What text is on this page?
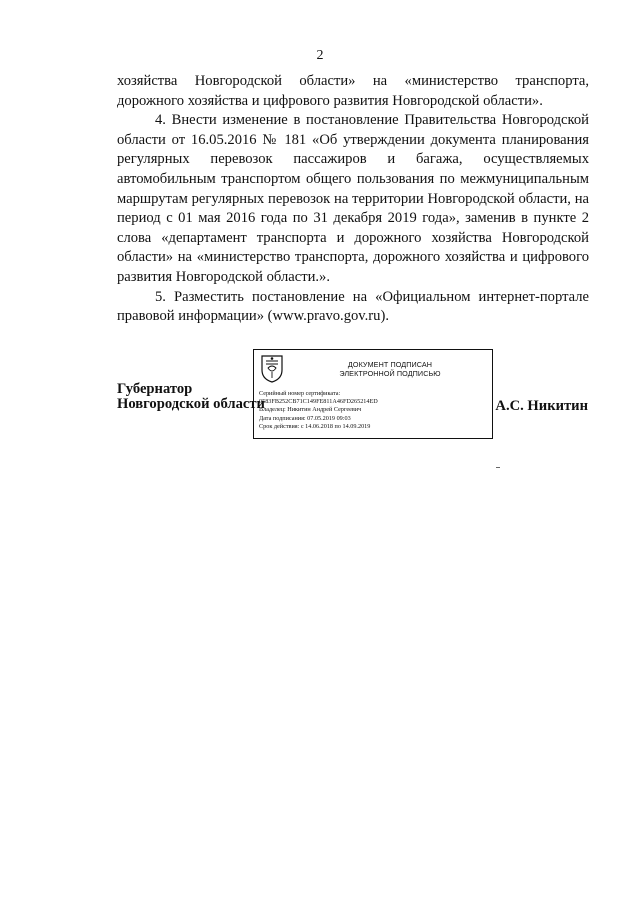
2

хозяйства Новгородской области» на «министерство транспорта, дорожного хозяйства и цифрового развития Новгородской области».

4. Внести изменение в постановление Правительства Новгородской области от 16.05.2016 № 181 «Об утверждении документа планирования регулярных перевозок пассажиров и багажа, осуществляемых автомобильным транспортом общего пользования по межмуниципальным маршрутам регулярных перевозок на территории Новгородской области, на период с 01 мая 2016 года по 31 декабря 2019 года», заменив в пункте 2 слова «департамент транспорта и дорожного хозяйства Новгородской области» на «министерство транспорта, дорожного хозяйства и цифрового развития Новгородской области.».

5. Разместить постановление на «Официальном интернет-портале правовой информации» (www.pravo.gov.ru).

Губернатор
Новгородской области
ДОКУМЕНТ ПОДПИСАН
ЭЛЕКТРОННОЙ ПОДПИСЬЮ
Серийный номер сертификата:
0583FB252CB71C149FE811A46FD265214ED
Владелец: Никитин Андрей Сергеевич
Дата подписания: 07.05.2019 09:03
Срок действия: с 14.06.2018 по 14.09.2019
А.С. Никитин
